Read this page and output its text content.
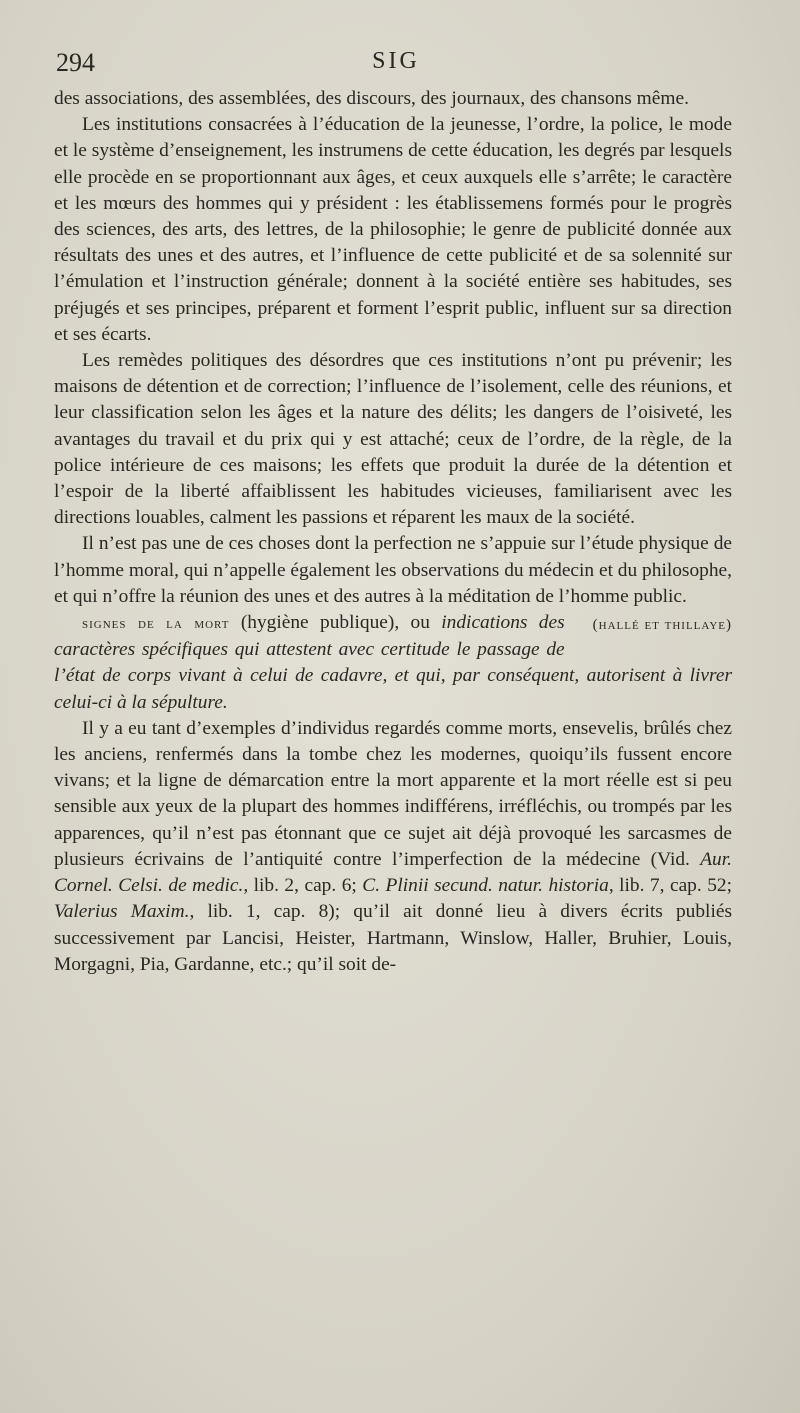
294	SIG

des associations, des assemblées, des discours, des journaux, des chansons même.

Les institutions consacrées à l’éducation de la jeunesse, l’ordre, la police, le mode et le système d’enseignement, les instrumens de cette éducation, les degrés par lesquels elle procède en se proportionnant aux âges, et ceux auxquels elle s’arrête; le caractère et les mœurs des hommes qui y président : les établissemens formés pour le progrès des sciences, des arts, des lettres, de la philosophie; le genre de publicité donnée aux résultats des unes et des autres, et l’influence de cette publicité et de sa solennité sur l’émulation et l’instruction générale; donnent à la société entière ses habitudes, ses préjugés et ses principes, préparent et forment l’esprit public, influent sur sa direction et ses écarts.

Les remèdes politiques des désordres que ces institutions n’ont pu prévenir; les maisons de détention et de correction; l’influence de l’isolement, celle des réunions, et leur classification selon les âges et la nature des délits; les dangers de l’oisiveté, les avantages du travail et du prix qui y est attaché; ceux de l’ordre, de la règle, de la police intérieure de ces maisons; les effets que produit la durée de la détention et l’espoir de la liberté affaiblissent les habitudes vicieuses, familiarisent avec les directions louables, calment les passions et réparent les maux de la société.

Il n’est pas une de ces choses dont la perfection ne s’appuie sur l’étude physique de l’homme moral, qui n’appelle également les observations du médecin et du philosophe, et qui n’offre la réunion des unes et des autres à la méditation de l’homme public.
(hallé et thillaye)

signes de la mort (hygiène publique), ou indications des caractères spécifiques qui attestent avec certitude le passage de l’état de corps vivant à celui de cadavre, et qui, par conséquent, autorisent à livrer celui-ci à la sépulture.

Il y a eu tant d’exemples d’individus regardés comme morts, ensevelis, brûlés chez les anciens, renfermés dans la tombe chez les modernes, quoiqu’ils fussent encore vivans; et la ligne de démarcation entre la mort apparente et la mort réelle est si peu sensible aux yeux de la plupart des hommes indifférens, irréfléchis, ou trompés par les apparences, qu’il n’est pas étonnant que ce sujet ait déjà provoqué les sarcasmes de plusieurs écrivains de l’antiquité contre l’imperfection de la médecine (Vid. Aur. Cornel. Celsi. de medic., lib. 2, cap. 6; C. Plinii secund. natur. historia, lib. 7, cap. 52; Valerius Maxim., lib. 1, cap. 8); qu’il ait donné lieu à divers écrits publiés successivement par Lancisi, Heister, Hartmann, Winslow, Haller, Bruhier, Louis, Morgagni, Pia, Gardanne, etc.; qu’il soit de-
